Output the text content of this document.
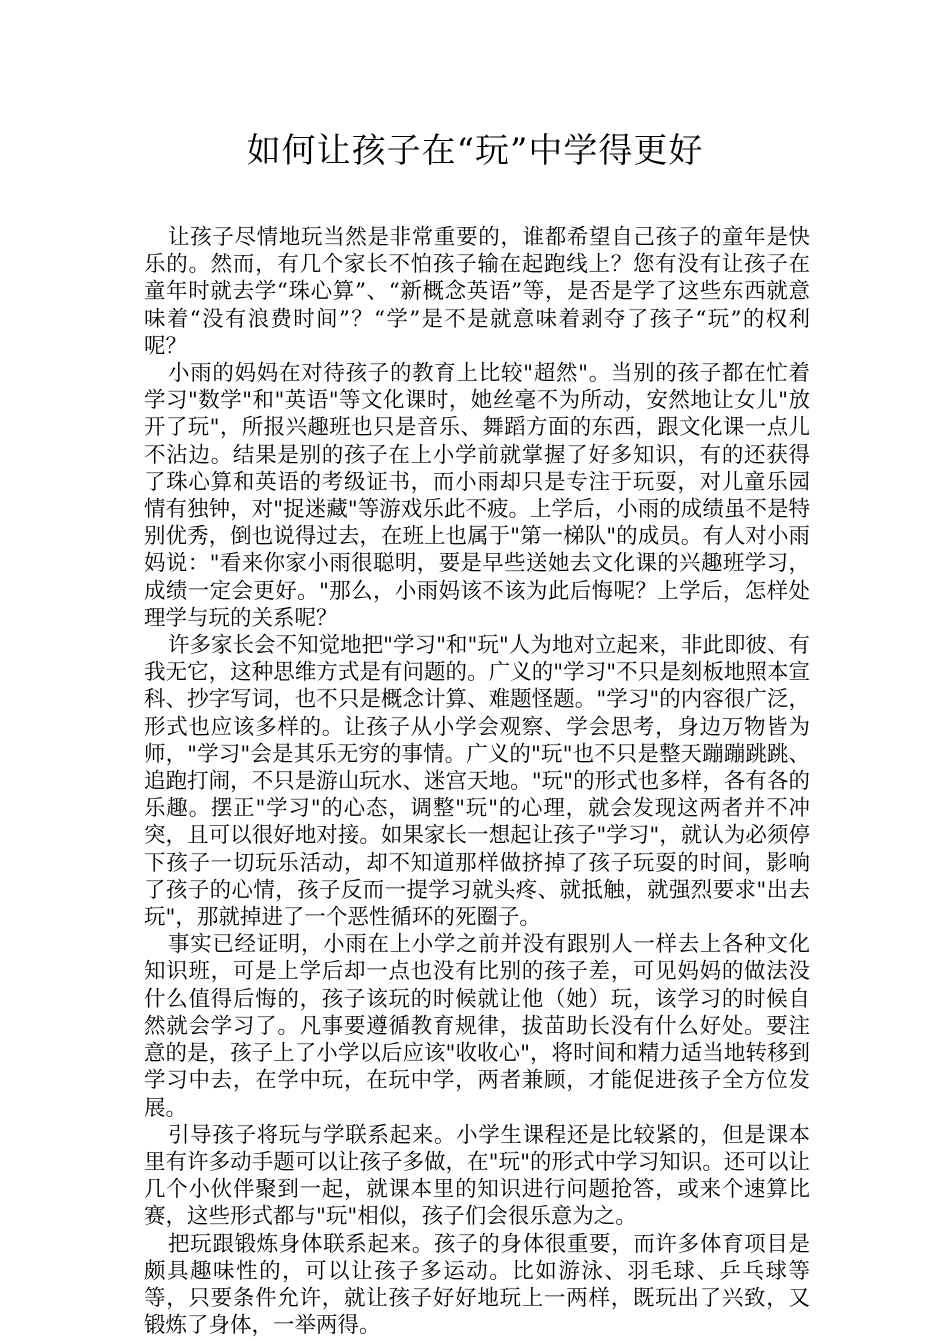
如何让孩子在“玩”中学得更好

让孩子尽情地玩当然是非常重要的，谁都希望自己孩子的童年是快乐的。然而，有几个家长不怕孩子输在起跑线上？您有没有让孩子在童年时就去学“珠心算”、“新概念英语”等，是否是学了这些东西就意味着“没有浪费时间”？“学”是不是就意味着剥夺了孩子“玩”的权利呢？

小雨的妈妈在对待孩子的教育上比较"超然"。当别的孩子都在忙着学习"数学"和"英语"等文化课时，她丝毫不为所动，安然地让女儿"放开了玩"，所报兴趣班也只是音乐、舞蹈方面的东西，跟文化课一点儿不沾边。结果是别的孩子在上小学前就掌握了好多知识，有的还获得了珠心算和英语的考级证书，而小雨却只是专注于玩耍，对儿童乐园情有独钟，对"捉迷藏"等游戏乐此不疲。上学后，小雨的成绩虽不是特别优秀，倒也说得过去，在班上也属于"第一梯队"的成员。有人对小雨妈说："看来你家小雨很聪明，要是早些送她去文化课的兴趣班学习，成绩一定会更好。"那么，小雨妈该不该为此后悔呢？上学后，怎样处理学与玩的关系呢？

许多家长会不知觉地把"学习"和"玩"人为地对立起来，非此即彼、有我无它，这种思维方式是有问题的。广义的"学习"不只是刻板地照本宣科、抄字写词，也不只是概念计算、难题怪题。"学习"的内容很广泛，形式也应该多样的。让孩子从小学会观察、学会思考，身边万物皆为师，"学习"会是其乐无穷的事情。广义的"玩"也不只是整天蹦蹦跳跳、追跑打闹，不只是游山玩水、迷宫天地。"玩"的形式也多样，各有各的乐趣。摆正"学习"的心态，调整"玩"的心理，就会发现这两者并不冲突，且可以很好地对接。如果家长一想起让孩子"学习"，就认为必须停下孩子一切玩乐活动，却不知道那样做挤掉了孩子玩耍的时间，影响了孩子的心情，孩子反而一提学习就头疼、就抵触，就强烈要求"出去玩"，那就掉进了一个恶性循环的死圈子。

事实已经证明，小雨在上小学之前并没有跟别人一样去上各种文化知识班，可是上学后却一点也没有比别的孩子差，可见妈妈的做法没什么值得后悔的，孩子该玩的时候就让他（她）玩，该学习的时候自然就会学习了。凡事要遵循教育规律，拔苗助长没有什么好处。要注意的是，孩子上了小学以后应该"收收心"，将时间和精力适当地转移到学习中去，在学中玩，在玩中学，两者兼顾，才能促进孩子全方位发展。

引导孩子将玩与学联系起来。小学生课程还是比较紧的，但是课本里有许多动手题可以让孩子多做，在"玩"的形式中学习知识。还可以让几个小伙伴聚到一起，就课本里的知识进行问题抢答，或来个速算比赛，这些形式都与"玩"相似，孩子们会很乐意为之。

把玩跟锻炼身体联系起来。孩子的身体很重要，而许多体育项目是颇具趣味性的，可以让孩子多运动。比如游泳、羽毛球、乒乓球等等，只要条件允许，就让孩子好好地玩上一两样，既玩出了兴致，又锻炼了身体，一举两得。
